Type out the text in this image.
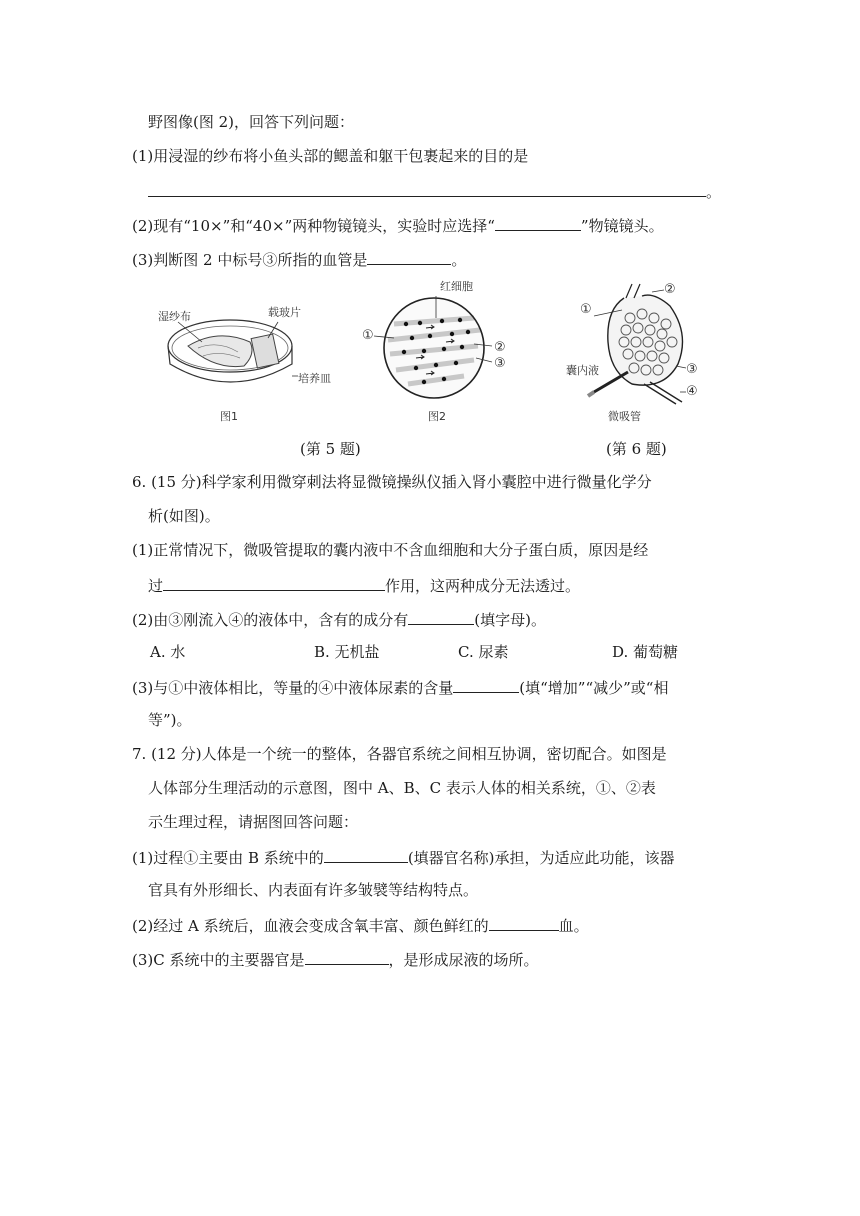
野图像(图 2)，回答下列问题：
(1)用浸湿的纱布将小鱼头部的鳃盖和躯干包裹起来的目的是
。
(2)现有“10×”和“40×”两种物镜镜头，实验时应选择“	”物镜镜头。
(3)判断图 2 中标号③所指的血管是	。
湿纱布	载玻片
培养皿
图1
红细胞
①
②
③
图2
①
②
③
④
囊内液
微吸管
(第 5 题)	(第 6 题)
6. (15 分)科学家利用微穿刺法将显微镜操纵仪插入肾小囊腔中进行微量化学分
析(如图)。
(1)正常情况下，微吸管提取的囊内液中不含血细胞和大分子蛋白质，原因是经
过	作用，这两种成分无法透过。
(2)由③刚流入④的液体中，含有的成分有	(填字母)。
A. 水	B. 无机盐	C. 尿素	D. 葡萄糖
(3)与①中液体相比，等量的④中液体尿素的含量	(填“增加”“减少”或“相
等”)。
7. (12 分)人体是一个统一的整体，各器官系统之间相互协调，密切配合。如图是
人体部分生理活动的示意图，图中 A、B、C 表示人体的相关系统，①、②表
示生理过程，请据图回答问题：
(1)过程①主要由 B 系统中的	(填器官名称)承担，为适应此功能，该器
官具有外形细长、内表面有许多皱襞等结构特点。
(2)经过 A 系统后，血液会变成含氧丰富、颜色鲜红的	血。
(3)C 系统中的主要器官是	，是形成尿液的场所。
